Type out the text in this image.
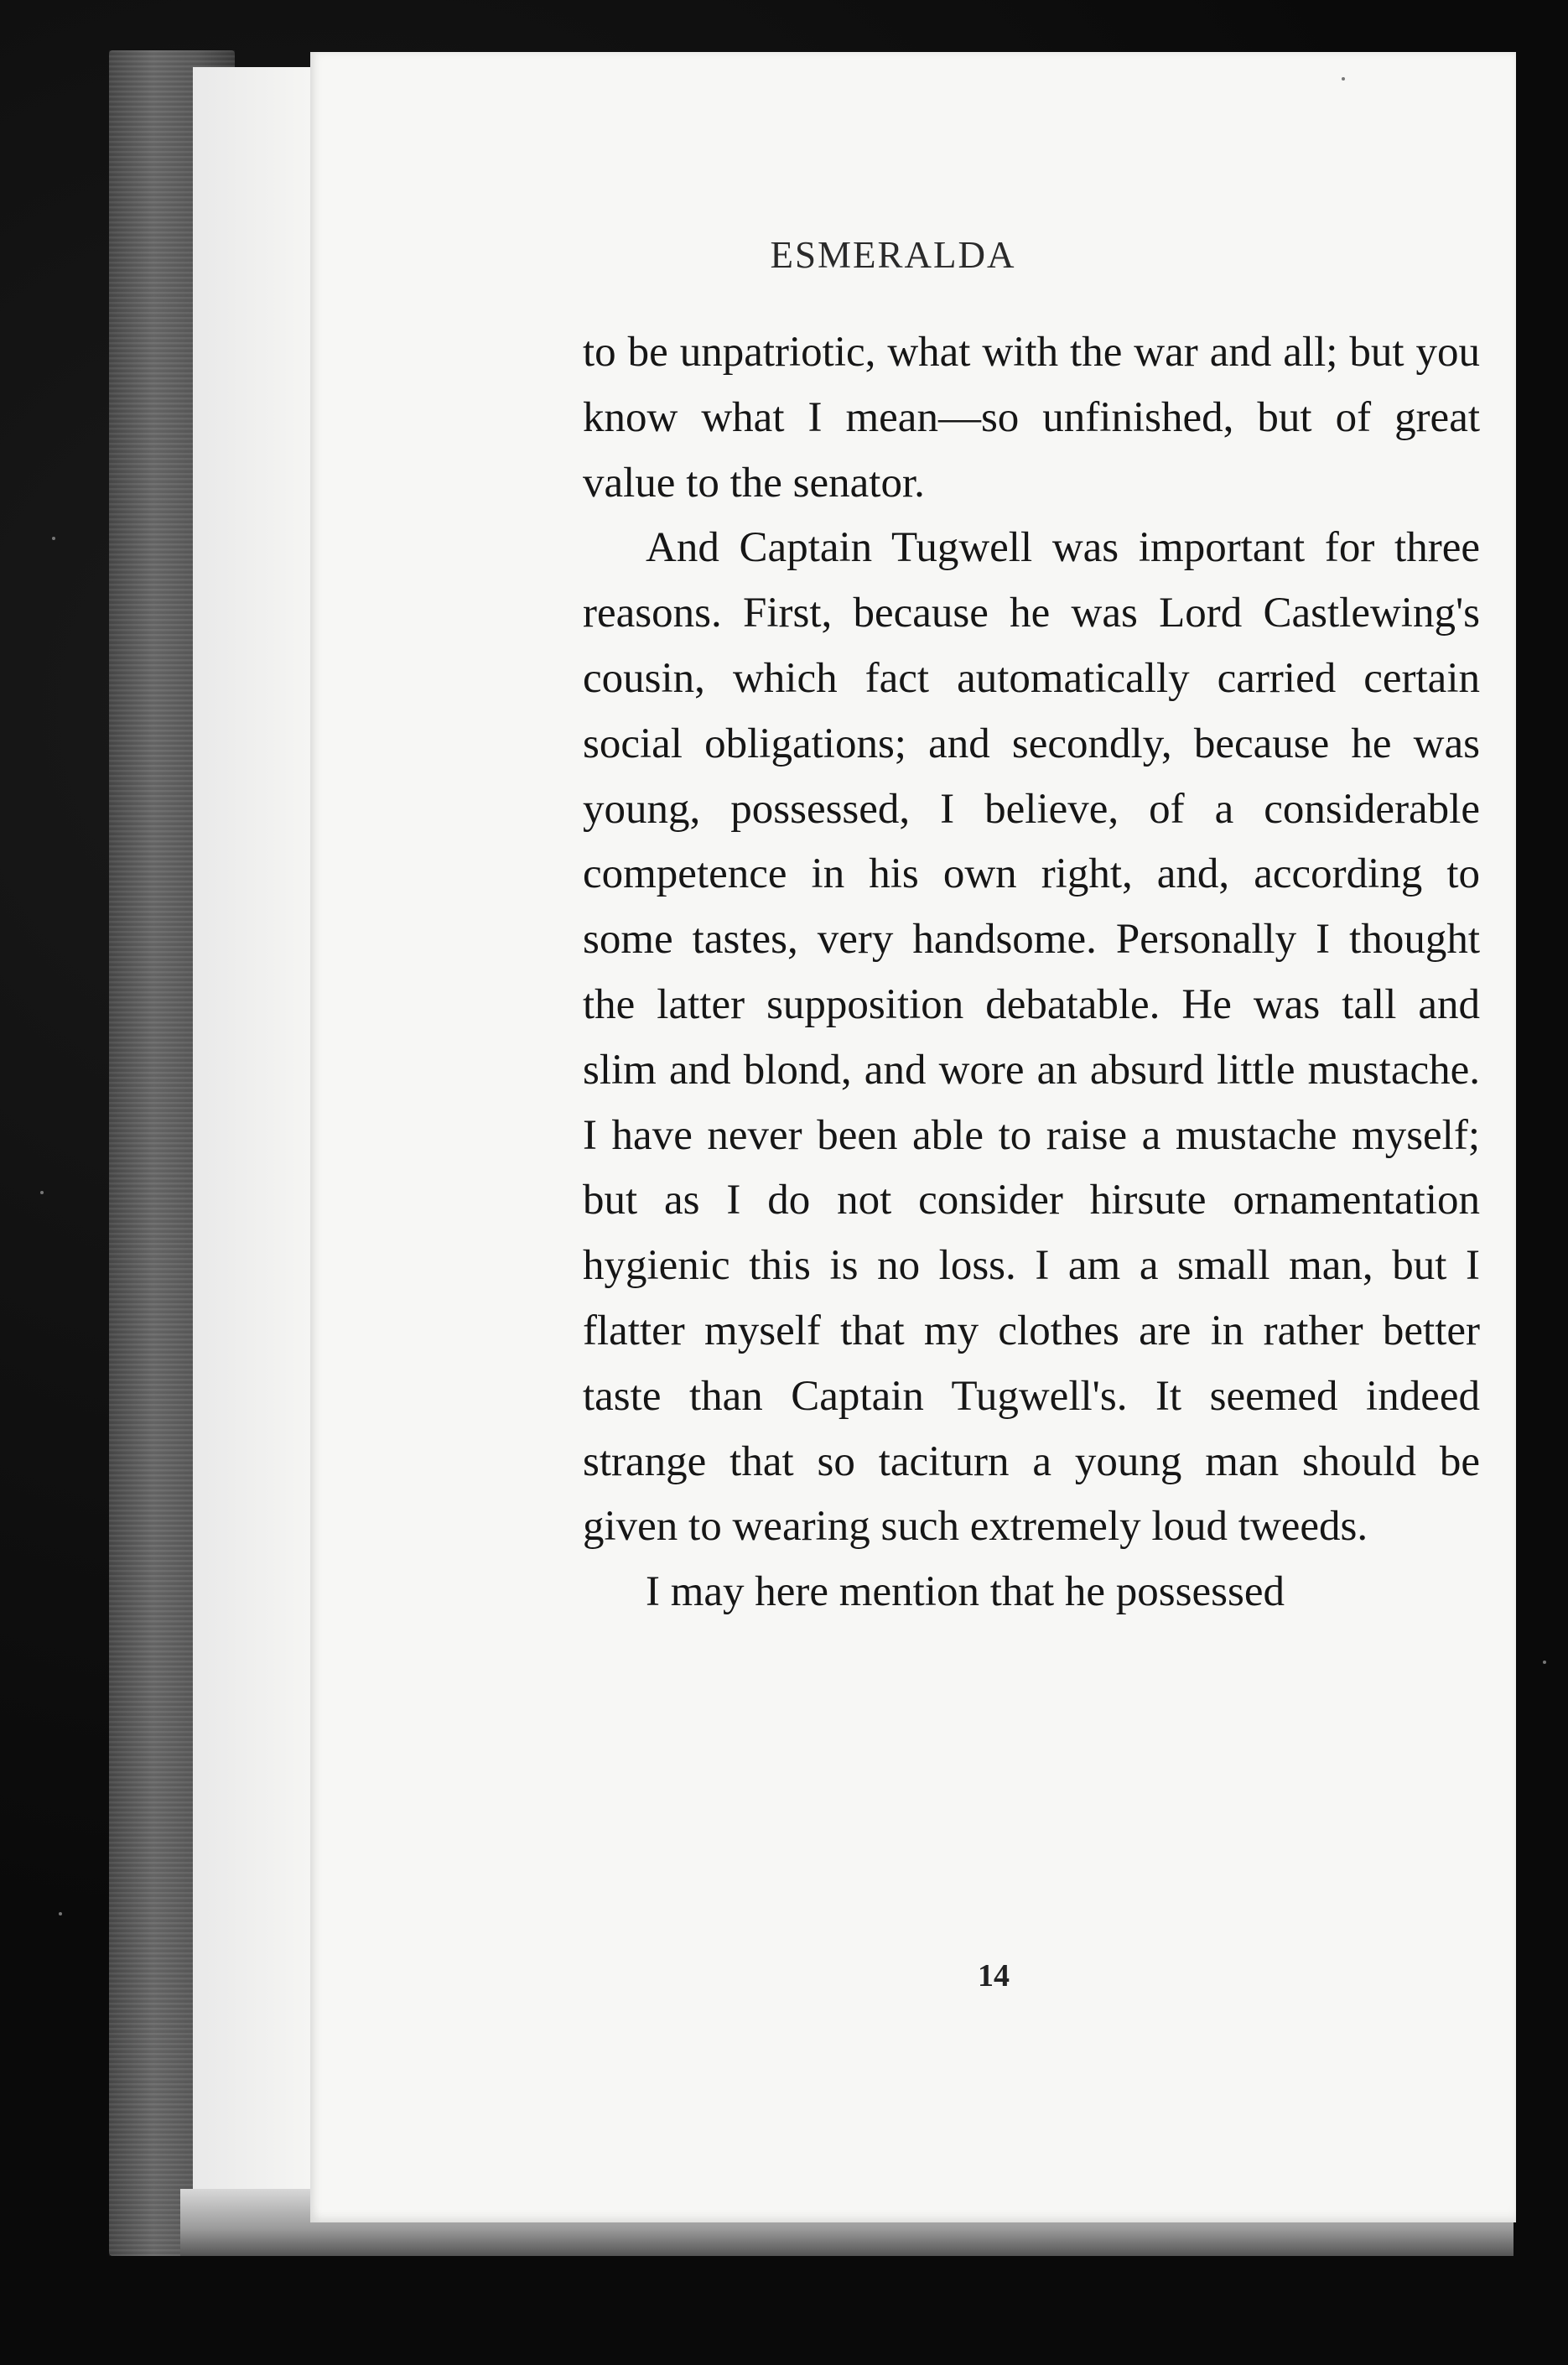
ESMERALDA

to be unpatriotic, what with the war and all; but you know what I mean—so unfinished, but of great value to the senator.

And Captain Tugwell was important for three reasons. First, because he was Lord Castlewing's cousin, which fact automatically carried certain social obligations; and secondly, because he was young, possessed, I believe, of a considerable competence in his own right, and, according to some tastes, very handsome. Personally I thought the latter supposition debatable. He was tall and slim and blond, and wore an absurd little mustache. I have never been able to raise a mustache myself; but as I do not consider hirsute ornamentation hygienic this is no loss. I am a small man, but I flatter myself that my clothes are in rather better taste than Captain Tugwell's. It seemed indeed strange that so taciturn a young man should be given to wearing such extremely loud tweeds.

I may here mention that he possessed

14
